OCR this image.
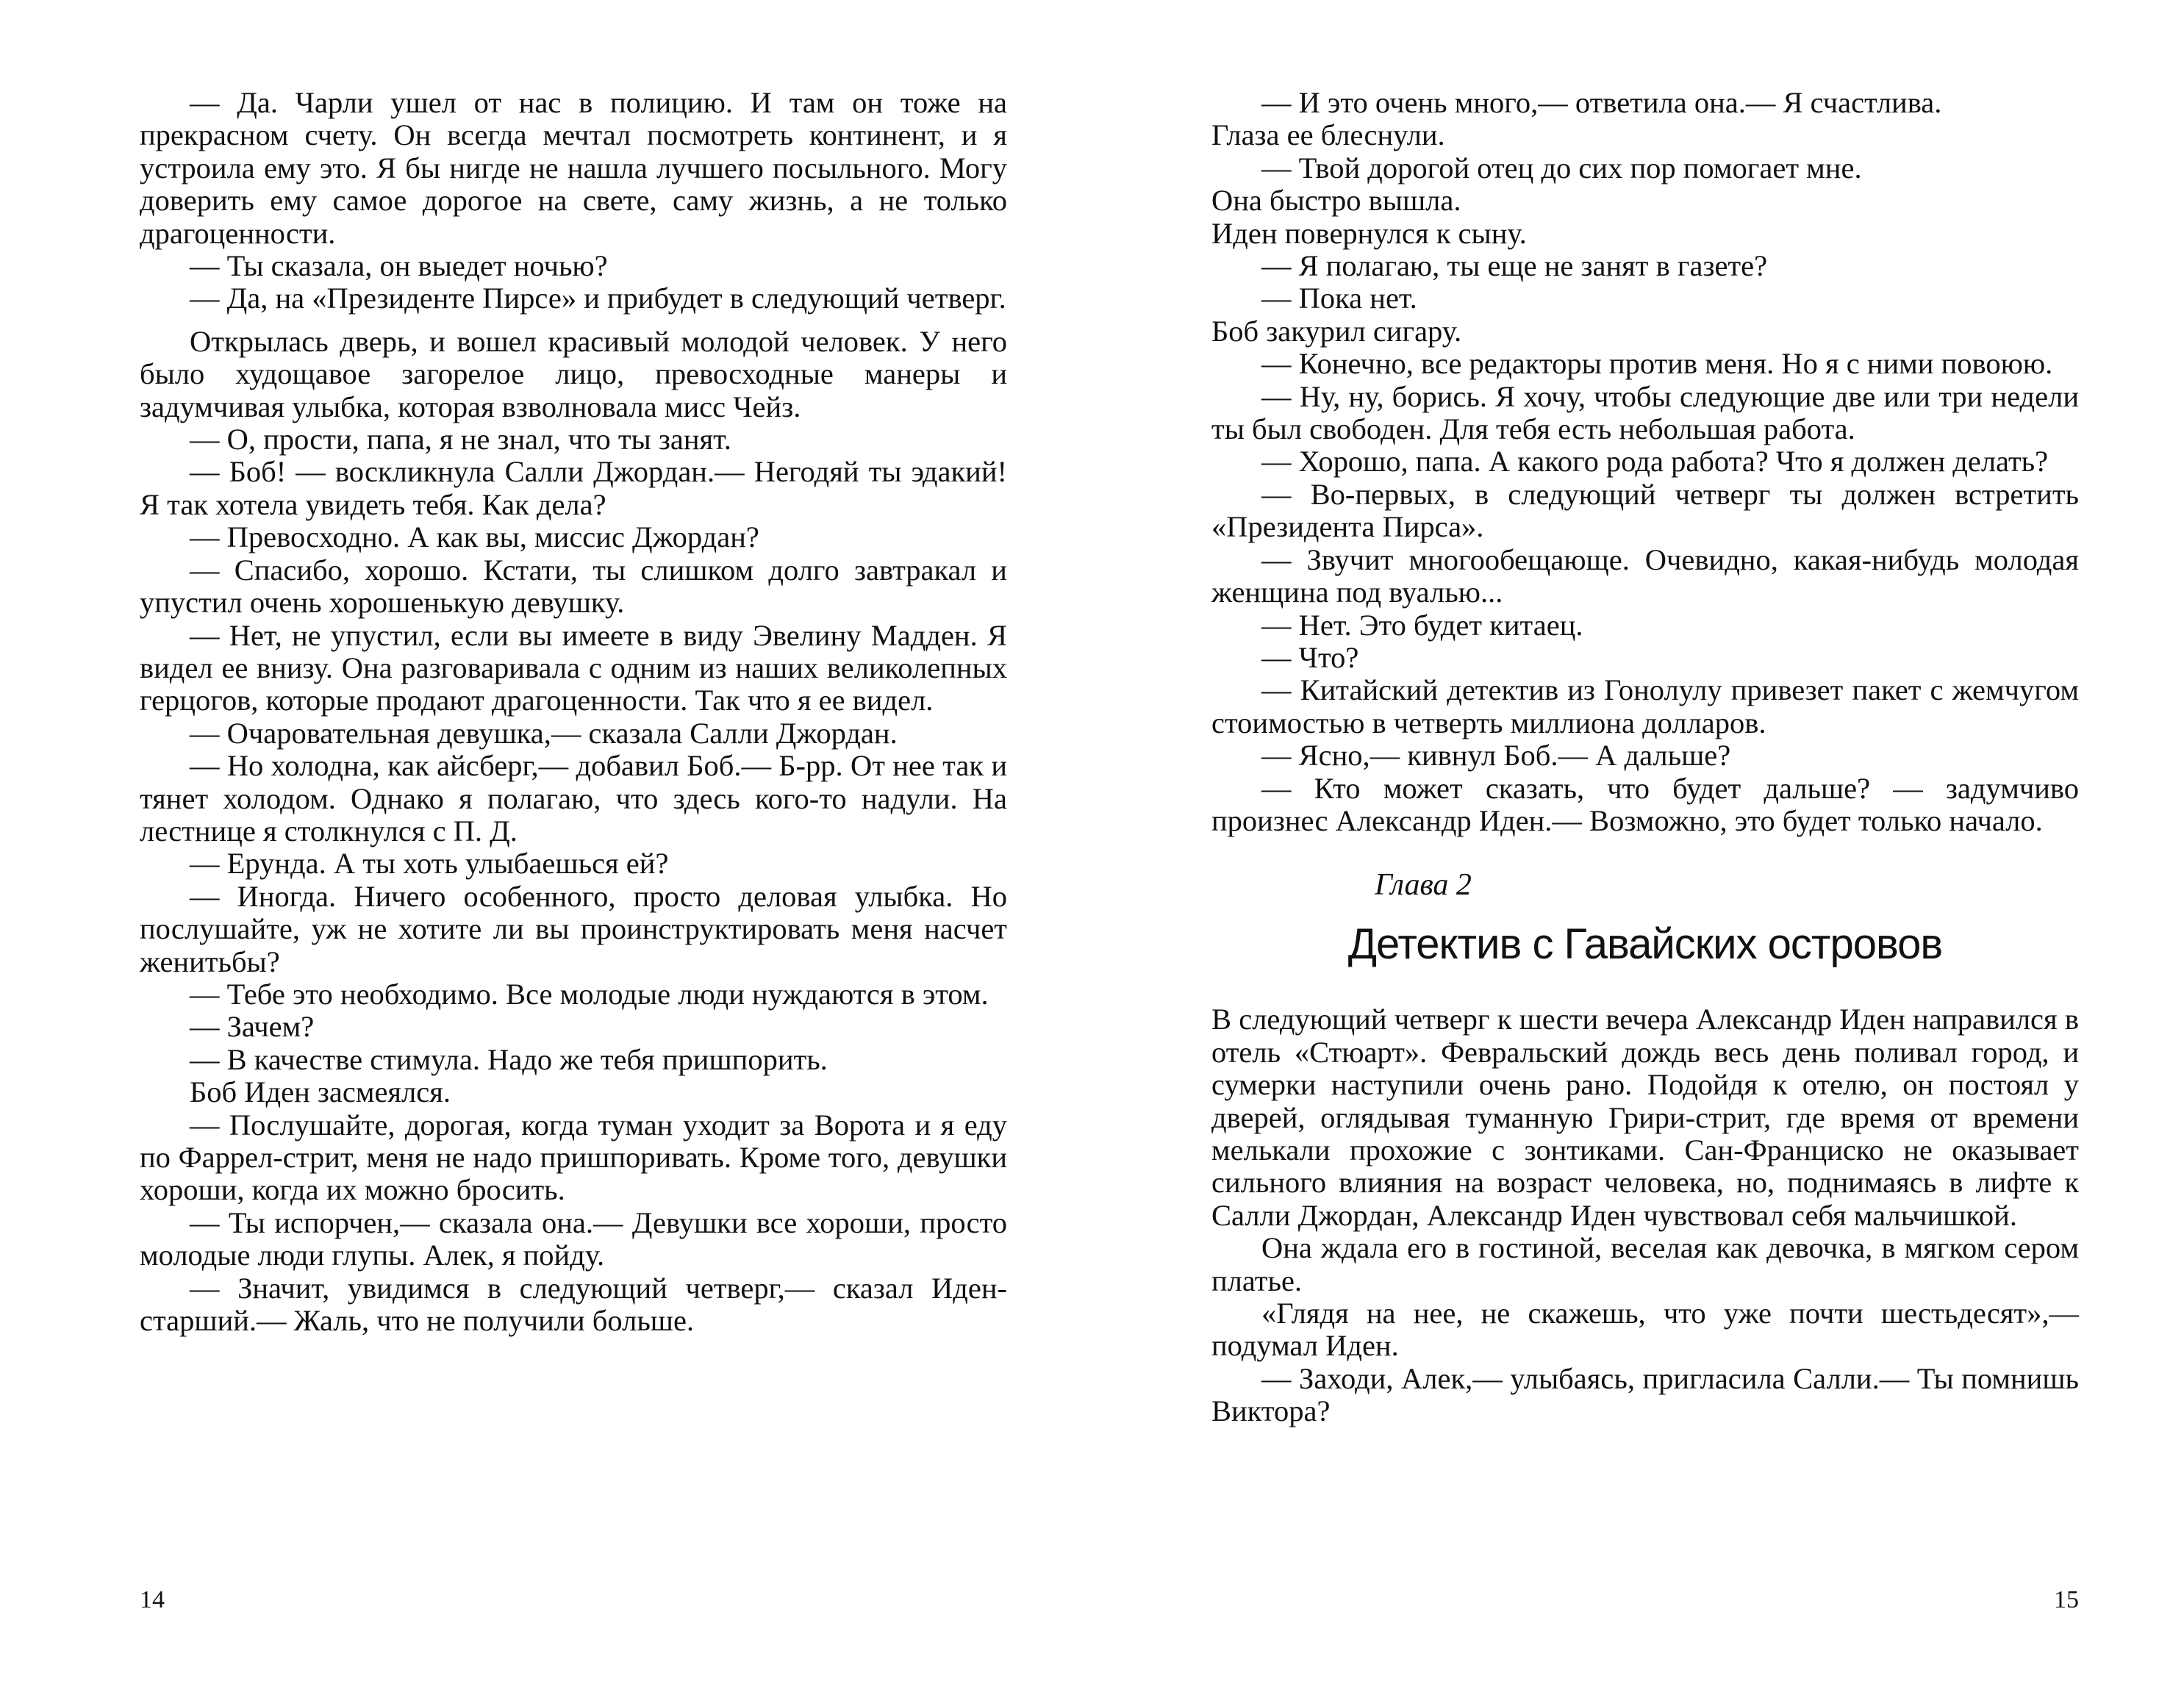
— Да. Чарли ушел от нас в полицию. И там он тоже на прекрасном счету. Он всегда мечтал посмотреть континент, и я устроила ему это. Я бы нигде не нашла лучшего посыльного. Могу доверить ему самое дорогое на свете, саму жизнь, а не только драгоценности.

— Ты сказала, он выедет ночью?

— Да, на «Президенте Пирсе» и прибудет в следующий четверг.

Открылась дверь, и вошел красивый молодой человек. У него было худощавое загорелое лицо, превосходные манеры и задумчивая улыбка, которая взволновала мисс Чейз.

— О, прости, папа, я не знал, что ты занят.

— Боб! — воскликнула Салли Джордан.— Негодяй ты эдакий! Я так хотела увидеть тебя. Как дела?

— Превосходно. А как вы, миссис Джордан?

— Спасибо, хорошо. Кстати, ты слишком долго завтракал и упустил очень хорошенькую девушку.

— Нет, не упустил, если вы имеете в виду Эвелину Мадден. Я видел ее внизу. Она разговаривала с одним из наших великолепных герцогов, которые продают драгоценности. Так что я ее видел.

— Очаровательная девушка,— сказала Салли Джордан.

— Но холодна, как айсберг,— добавил Боб.— Б-рр. От нее так и тянет холодом. Однако я полагаю, что здесь кого-то надули. На лестнице я столкнулся с П. Д.

— Ерунда. А ты хоть улыбаешься ей?

— Иногда. Ничего особенного, просто деловая улыбка. Но послушайте, уж не хотите ли вы проинструктировать меня насчет женитьбы?

— Тебе это необходимо. Все молодые люди нуждаются в этом.

— Зачем?

— В качестве стимула. Надо же тебя пришпорить.

Боб Иден засмеялся.

— Послушайте, дорогая, когда туман уходит за Ворота и я еду по Фаррел-стрит, меня не надо пришпоривать. Кроме того, девушки хороши, когда их можно бросить.

— Ты испорчен,— сказала она.— Девушки все хороши, просто молодые люди глупы. Алек, я пойду.

— Значит, увидимся в следующий четверг,— сказал Иден-старший.— Жаль, что не получили больше.

14

— И это очень много,— ответила она.— Я счастлива.

Глаза ее блеснули.

— Твой дорогой отец до сих пор помогает мне.

Она быстро вышла.

Иден повернулся к сыну.

— Я полагаю, ты еще не занят в газете?

— Пока нет.

Боб закурил сигару.

— Конечно, все редакторы против меня. Но я с ними повоюю.

— Ну, ну, борись. Я хочу, чтобы следующие две или три недели ты был свободен. Для тебя есть небольшая работа.

— Хорошо, папа. А какого рода работа? Что я должен делать?

— Во-первых, в следующий четверг ты должен встретить «Президента Пирса».

— Звучит многообещающе. Очевидно, какая-нибудь молодая женщина под вуалью...

— Нет. Это будет китаец.

— Что?

— Китайский детектив из Гонолулу привезет пакет с жемчугом стоимостью в четверть миллиона долларов.

— Ясно,— кивнул Боб.— А дальше?

— Кто может сказать, что будет дальше? — задумчиво произнес Александр Иден.— Возможно, это будет только начало.

Глава 2
Детектив с Гавайских островов

В следующий четверг к шести вечера Александр Иден направился в отель «Стюарт». Февральский дождь весь день поливал город, и сумерки наступили очень рано. Подойдя к отелю, он постоял у дверей, оглядывая туманную Грири-стрит, где время от времени мелькали прохожие с зонтиками. Сан-Франциско не оказывает сильного влияния на возраст человека, но, поднимаясь в лифте к Салли Джордан, Александр Иден чувствовал себя мальчишкой.

Она ждала его в гостиной, веселая как девочка, в мягком сером платье.

«Глядя на нее, не скажешь, что уже почти шестьдесят»,— подумал Иден.

— Заходи, Алек,— улыбаясь, пригласила Салли.— Ты помнишь Виктора?

15
